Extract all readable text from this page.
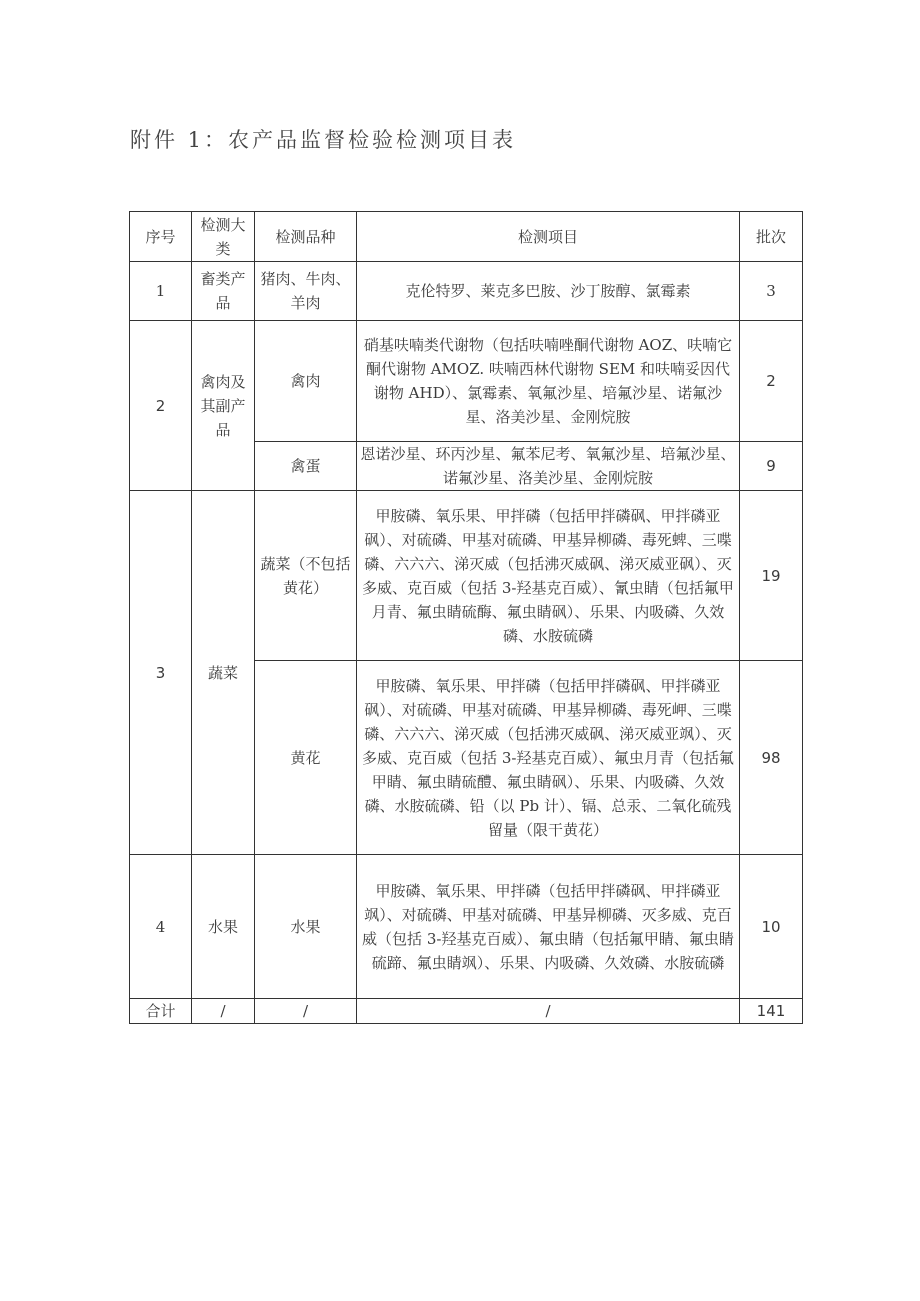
附件 1：农产品监督检验检测项目表
序号	检测大类	检测品种	检测项目	批次
1	畜类产品	猪肉、牛肉、羊肉	克伦特罗、莱克多巴胺、沙丁胺醇、氯霉素	3
2	禽肉及其副产品	禽肉	硝基呋喃类代谢物（包括呋喃唑酮代谢物 AOZ、呋喃它酮代谢物 AMOZ. 呋喃西林代谢物 SEM 和呋喃妥因代谢物 AHD）、氯霉素、氧氟沙星、培氟沙星、诺氟沙星、洛美沙星、金刚烷胺	2
		禽蛋	恩诺沙星、环丙沙星、氟苯尼考、氧氟沙星、培氟沙星、诺氟沙星、洛美沙星、金刚烷胺	9
3	蔬菜	蔬菜（不包括黄花）	甲胺磷、氧乐果、甲拌磷（包括甲拌磷砜、甲拌磷亚砜）、对硫磷、甲基对硫磷、甲基异柳磷、毒死蜱、三喋磷、六六六、涕灭威（包括沸灭威砜、涕灭威亚砜）、灭多威、克百威（包括 3-羟基克百威）、氰虫睛（包括氟甲月青、氟虫睛硫酶、氟虫睛砜）、乐果、内吸磷、久效磷、水胺硫磷	19
		黄花	甲胺磷、氧乐果、甲拌磷（包括甲拌磷砜、甲拌磷亚砜）、对硫磷、甲基对硫磷、甲基异柳磷、毒死岬、三喋磷、六六六、涕灭威（包括沸灭威砜、涕灭威亚飒）、灭多威、克百威（包括 3-羟基克百威）、氟虫月青（包括氟甲睛、氟虫睛硫醴、氟虫睛砜）、乐果、内吸磷、久效磷、水胺硫磷、铅（以 Pb 计）、镉、总汞、二氧化硫残留量（限干黄花）	98
4	水果	水果	甲胺磷、氧乐果、甲拌磷（包括甲拌磷砜、甲拌磷亚飒）、对硫磷、甲基对硫磷、甲基异柳磷、灭多威、克百威（包括 3-羟基克百威）、氟虫睛（包括氟甲睛、氟虫睛硫蹄、氟虫睛飒）、乐果、内吸磷、久效磷、水胺硫磷	10
合计	/	/	/	141
